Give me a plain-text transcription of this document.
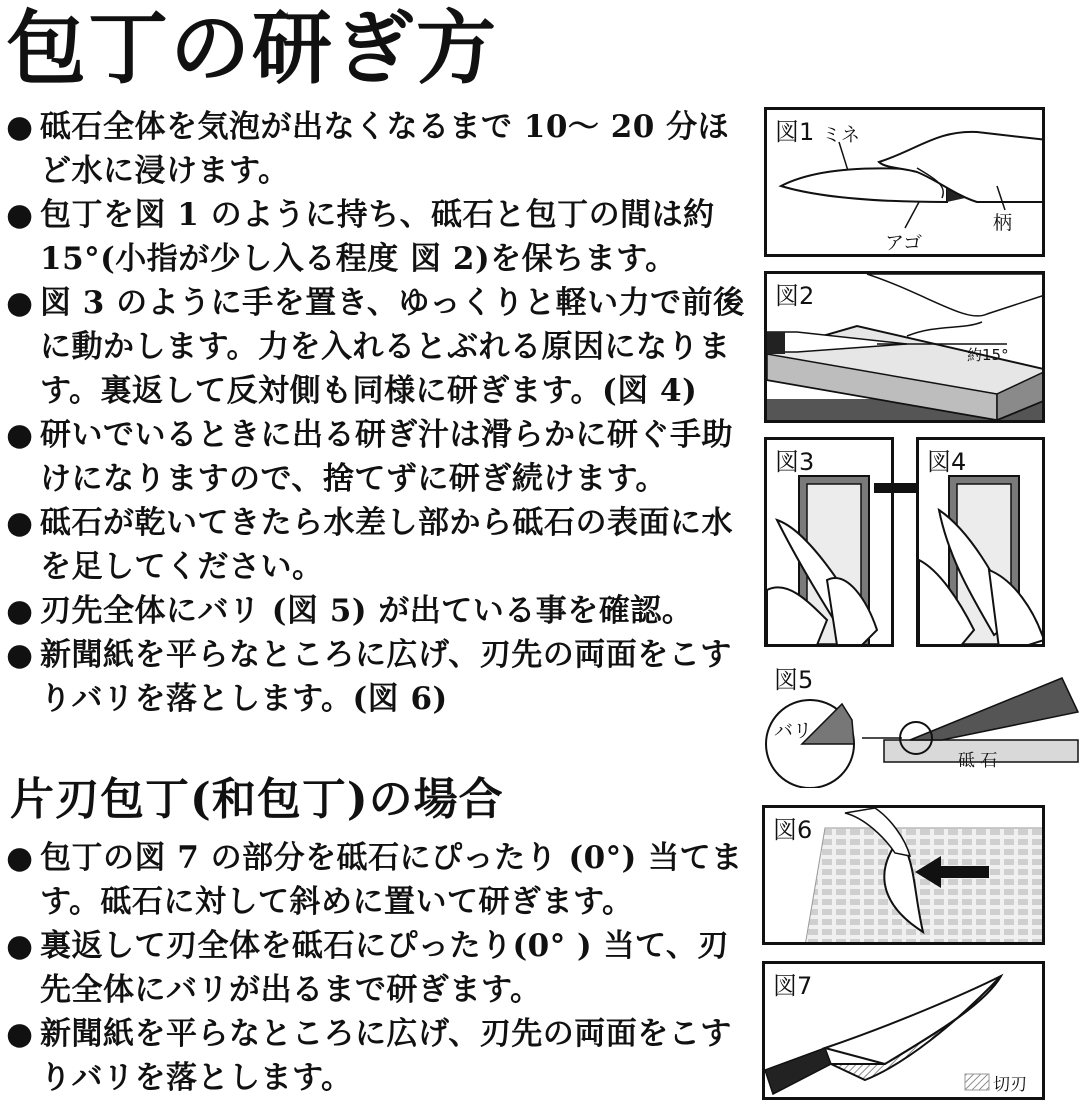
包丁の研ぎ方
● 砥石全体を気泡が出なくなるまで 10～ 20 分ほど水に浸けます。
● 包丁を図 1 のように持ち、砥石と包丁の間は約 15°(小指が少し入る程度 図 2)を保ちます。
● 図 3 のように手を置き、ゆっくりと軽い力で前後に動かします。力を入れるとぶれる原因になります。裏返して反対側も同様に研ぎます。(図 4)
● 研いでいるときに出る研ぎ汁は滑らかに研ぐ手助けになりますので、捨てずに研ぎ続けます。
● 砥石が乾いてきたら水差し部から砥石の表面に水を足してください。
● 刃先全体にバリ (図 5) が出ている事を確認。
● 新聞紙を平らなところに広げ、刃先の両面をこすりバリを落とします。(図 6)
片刃包丁(和包丁)の場合
● 包丁の図 7 の部分を砥石にぴったり (0°) 当てます。砥石に対して斜めに置いて研ぎます。
● 裏返して刃全体を砥石にぴったり(0° ) 当て、刃先全体にバリが出るまで研ぎます。
● 新聞紙を平らなところに広げ、刃先の両面をこすりバリを落とします。
図1 ミネ
アゴ
柄
図2
約15°
図3	図4
図5
バリ
砥 石
図6
図7
切刃
